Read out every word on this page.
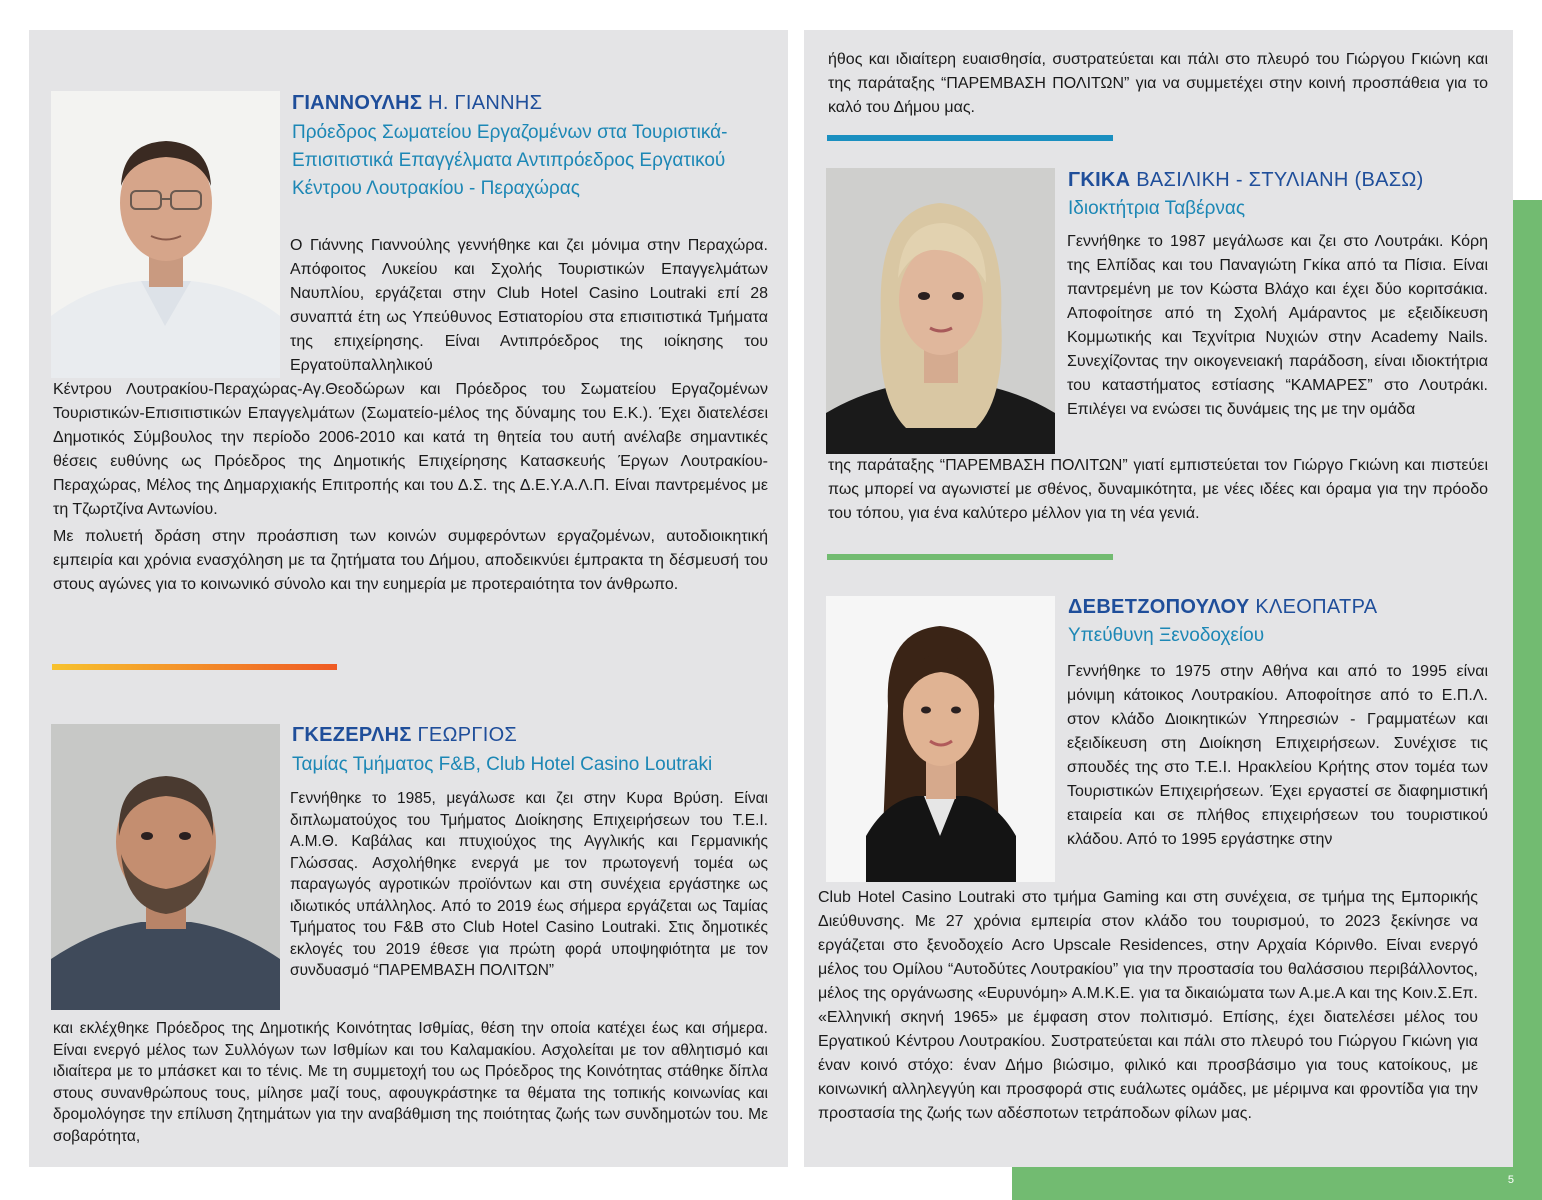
ΓΙΑΝΝΟΥΛΗΣ Η. ΓΙΑΝΝΗΣ
Πρόεδρος Σωματείου Εργαζομένων στα Τουριστικά-Επισιτιστικά Επαγγέλματα Αντιπρόεδρος Εργατικού Κέντρου Λουτρακίου - Περαχώρας

Ο Γιάννης Γιαννούλης γεννήθηκε και ζει μόνιμα στην Περαχώρα. Απόφοιτος Λυκείου και Σχολής Τουριστικών Επαγγελμάτων Ναυπλίου, εργάζεται στην Club Hotel Casino Loutraki επί 28 συναπτά έτη ως Υπεύθυνος Εστιατορίου στα επισιτιστικά Τμήματα της επιχείρησης. Είναι Αντιπρόεδρος της ιοίκησης του Εργατοϋπαλληλικού

Κέντρου Λουτρακίου-Περαχώρας-Αγ.Θεοδώρων και Πρόεδρος του Σωματείου Εργαζομένων Τουριστικών-Επισιτιστικών Επαγγελμάτων (Σωματείο-μέλος της δύναμης του Ε.Κ.). Έχει διατελέσει Δημοτικός Σύμβουλος την περίοδο 2006-2010 και κατά τη θητεία του αυτή ανέλαβε σημαντικές θέσεις ευθύνης ως Πρόεδρος της Δημοτικής Επιχείρησης Κατασκευής Έργων Λουτρακίου-Περαχώρας, Μέλος της Δημαρχιακής Επιτροπής και του Δ.Σ. της Δ.Ε.Υ.Α.Λ.Π. Είναι παντρεμένος με τη Τζωρτζίνα Αντωνίου.

Με πολυετή δράση στην προάσπιση των κοινών συμφερόντων εργαζομένων, αυτοδιοικητική εμπειρία και χρόνια ενασχόληση με τα ζητήματα του Δήμου, αποδεικνύει έμπρακτα τη δέσμευσή του στους αγώνες για το κοινωνικό σύνολο και την ευημερία με προτεραιότητα τον άνθρωπο.

ΓΚΕΖΕΡΛΗΣ ΓΕΩΡΓΙΟΣ
Ταμίας Τμήματος F&B, Club Hotel Casino Loutraki

Γεννήθηκε το 1985, μεγάλωσε και ζει στην Κυρα Βρύση. Είναι διπλωματούχος του Τμήματος Διοίκησης Επιχειρήσεων του Τ.Ε.Ι. Α.Μ.Θ. Καβάλας και πτυχιούχος της Αγγλικής και Γερμανικής Γλώσσας. Ασχολήθηκε ενεργά με τον πρωτογενή τομέα ως παραγωγός αγροτικών προϊόντων και στη συνέχεια εργάστηκε ως ιδιωτικός υπάλληλος. Από το 2019 έως σήμερα εργάζεται ως Ταμίας Τμήματος του F&B στο Club Hotel Casino Loutraki. Στις δημοτικές εκλογές του 2019 έθεσε για πρώτη φορά υποψηφιότητα με τον συνδυασμό “ΠΑΡΕΜΒΑΣΗ ΠΟΛΙΤΩΝ”

και εκλέχθηκε Πρόεδρος της Δημοτικής Κοινότητας Ισθμίας, θέση την οποία κατέχει έως και σήμερα. Είναι ενεργό μέλος των Συλλόγων των Ισθμίων και του Καλαμακίου. Ασχολείται με τον αθλητισμό και ιδιαίτερα με το μπάσκετ και το τένις. Με τη συμμετοχή του ως Πρόεδρος της Κοινότητας στάθηκε δίπλα στους συνανθρώπους τους, μίλησε μαζί τους, αφουγκράστηκε τα θέματα της τοπικής κοινωνίας και δρομολόγησε την επίλυση ζητημάτων για την αναβάθμιση της ποιότητας ζωής των συνδημοτών του. Με σοβαρότητα,

ήθος και ιδιαίτερη ευαισθησία, συστρατεύεται και πάλι στο πλευρό του Γιώργου Γκιώνη και της παράταξης “ΠΑΡΕΜΒΑΣΗ ΠΟΛΙΤΩΝ” για να συμμετέχει στην κοινή προσπάθεια για το καλό του Δήμου μας.

ΓΚΙΚΑ ΒΑΣΙΛΙΚΗ - ΣΤΥΛΙΑΝΗ (ΒΑΣΩ)
Ιδιοκτήτρια Ταβέρνας

Γεννήθηκε το 1987 μεγάλωσε και ζει στο Λουτράκι. Κόρη της Ελπίδας και του Παναγιώτη Γκίκα από τα Πίσια. Είναι παντρεμένη με τον Κώστα Βλάχο και έχει δύο κοριτσάκια. Αποφοίτησε από τη Σχολή Αμάραντος με εξειδίκευση Κομμωτικής και Τεχνίτρια Νυχιών στην Academy Nails. Συνεχίζοντας την οικογενειακή παράδοση, είναι ιδιοκτήτρια του καταστήματος εστίασης “ΚΑΜΑΡΕΣ” στο Λουτράκι. Επιλέγει να ενώσει τις δυνάμεις της με την ομάδα

της παράταξης “ΠΑΡΕΜΒΑΣΗ ΠΟΛΙΤΩΝ” γιατί εμπιστεύεται τον Γιώργο Γκιώνη και πιστεύει πως μπορεί να αγωνιστεί με σθένος, δυναμικότητα, με νέες ιδέες και όραμα για την πρόοδο του τόπου, για ένα καλύτερο μέλλον για τη νέα γενιά.

ΔΕΒΕΤΖΟΠΟΥΛΟΥ ΚΛΕΟΠΑΤΡΑ
Υπεύθυνη Ξενοδοχείου

Γεννήθηκε το 1975 στην Αθήνα και από το 1995 είναι μόνιμη κάτοικος Λουτρακίου. Αποφοίτησε από το Ε.Π.Λ. στον κλάδο Διοικητικών Υπηρεσιών - Γραμματέων και εξειδίκευση στη Διοίκηση Επιχειρήσεων. Συνέχισε τις σπουδές της στο Τ.Ε.Ι. Ηρακλείου Κρήτης στον τομέα των Τουριστικών Επιχειρήσεων. Έχει εργαστεί σε διαφημιστική εταιρεία και σε πλήθος επιχειρήσεων του τουριστικού κλάδου. Από το 1995 εργάστηκε στην

Club Hotel Casino Loutraki στο τμήμα Gaming και στη συνέχεια, σε τμήμα της Εμπορικής Διεύθυνσης. Με 27 χρόνια εμπειρία στον κλάδο του τουρισμού, το 2023 ξεκίνησε να εργάζεται στο ξενοδοχείο Acro Upscale Residences, στην Αρχαία Κόρινθο. Είναι ενεργό μέλος του Ομίλου “Αυτοδύτες Λουτρακίου” για την προστασία του θαλάσσιου περιβάλλοντος, μέλος της οργάνωσης «Ευρυνόμη» Α.Μ.Κ.Ε. για τα δικαιώματα των Α.με.Α και της Κοιν.Σ.Επ. «Ελληνική σκηνή 1965» με έμφαση στον πολιτισμό. Επίσης, έχει διατελέσει μέλος του Εργατικού Κέντρου Λουτρακίου. Συστρατεύεται και πάλι στο πλευρό του Γιώργου Γκιώνη για έναν κοινό στόχο: έναν Δήμο βιώσιμο, φιλικό και προσβάσιμο για τους κατοίκους, με κοινωνική αλληλεγγύη και προσφορά στις ευάλωτες ομάδες, με μέριμνα και φροντίδα για την προστασία της ζωής των αδέσποτων τετράποδων φίλων μας.

5
